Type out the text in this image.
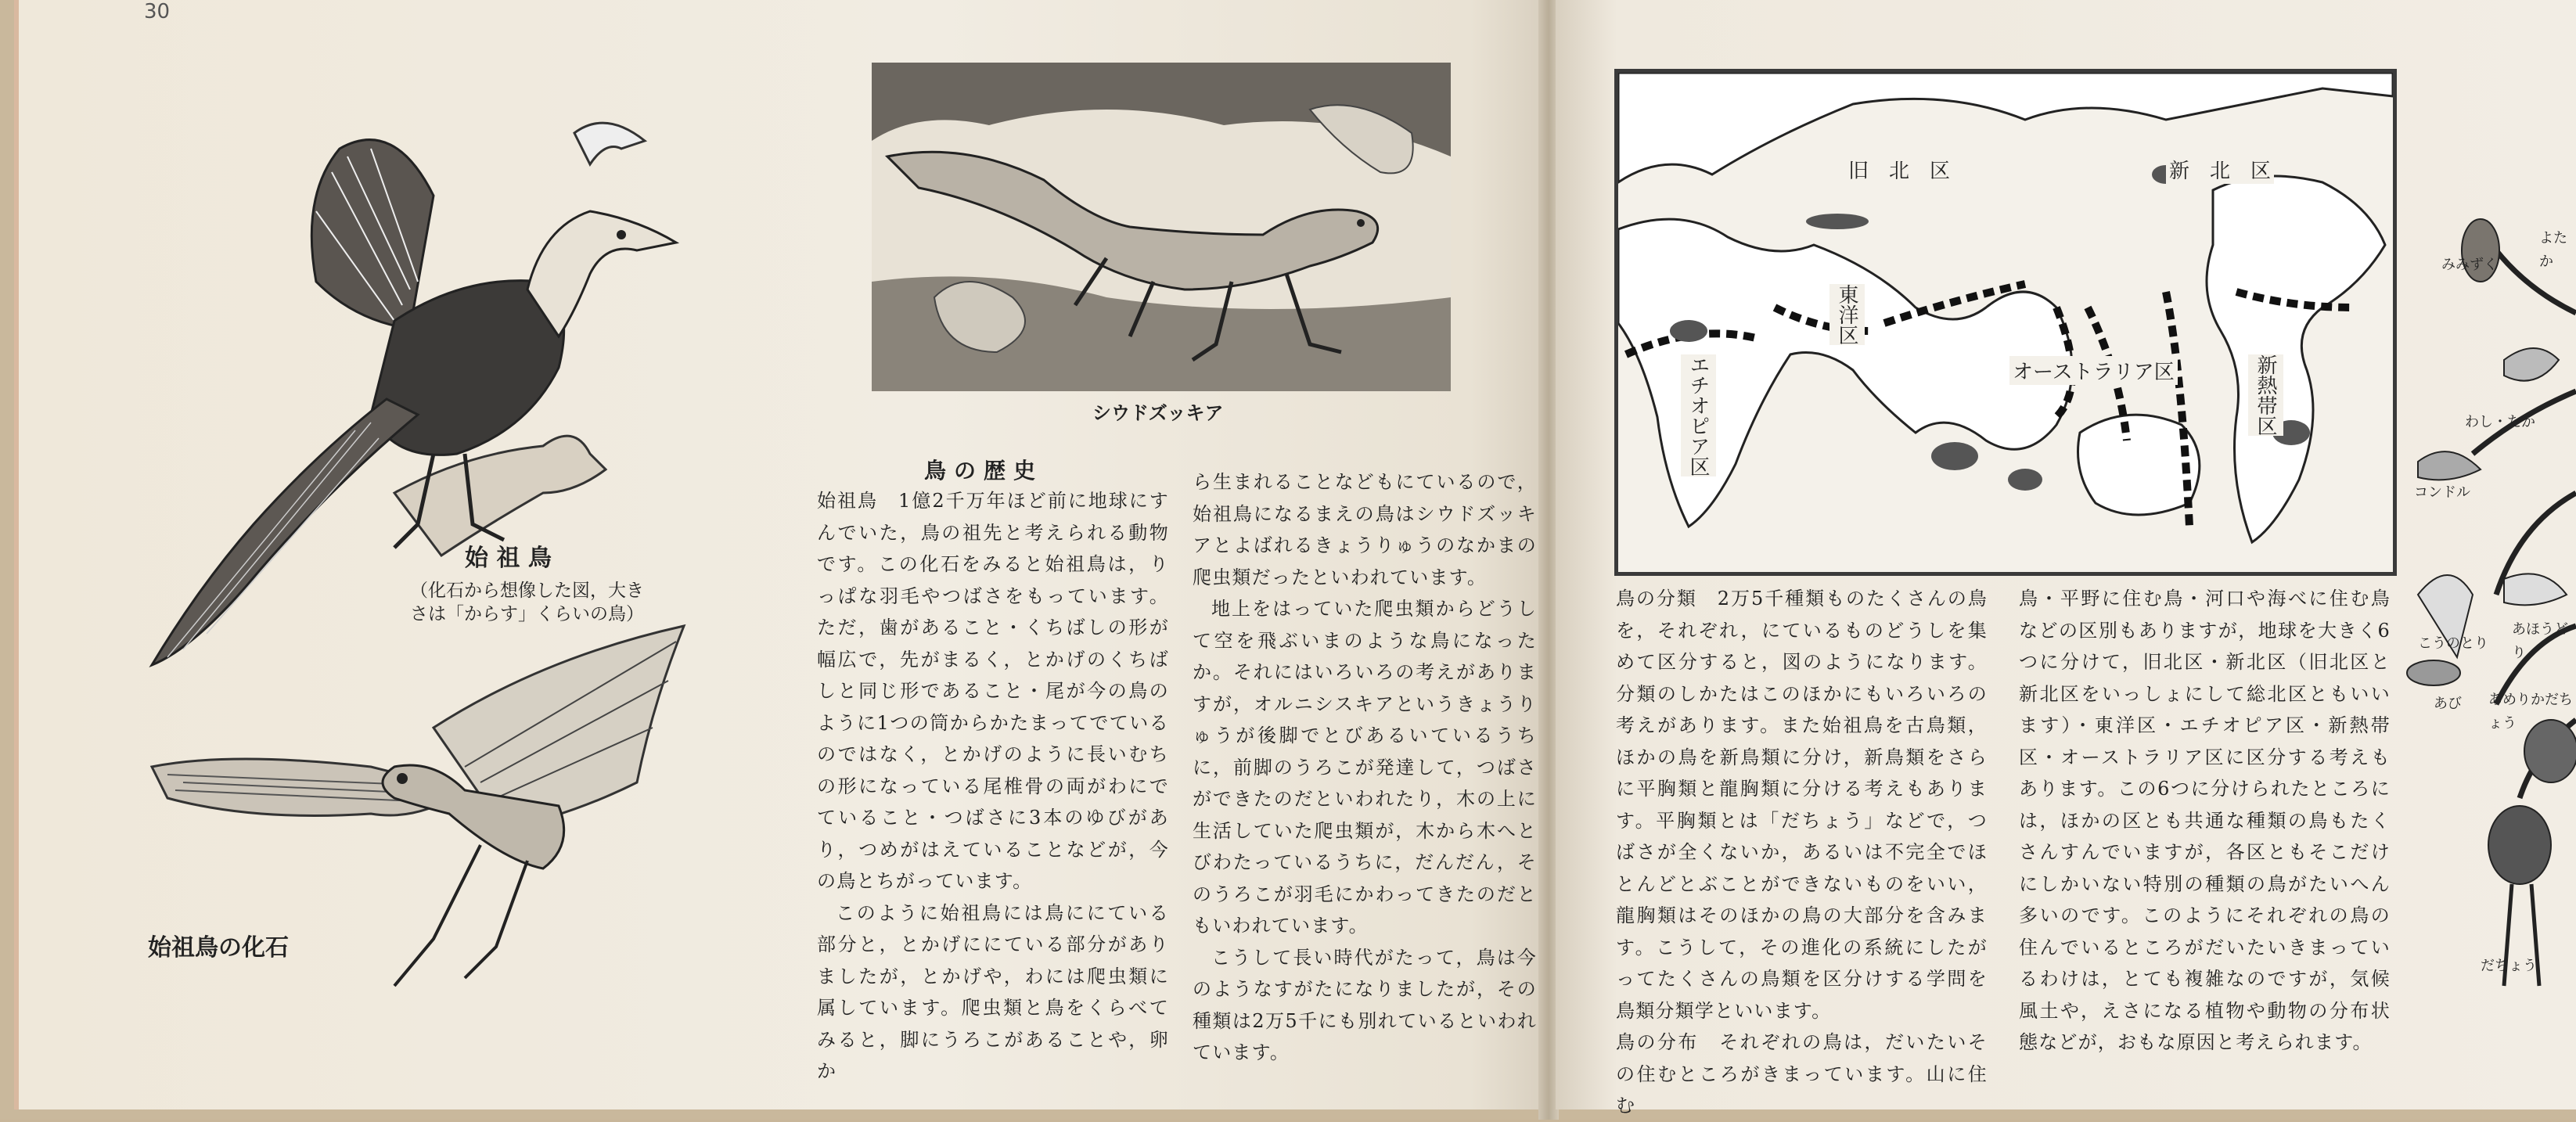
30
始 祖 鳥
（化石から想像した図，大き さは「からす」くらいの鳥）
始祖鳥の化石
シウドズッキア
鳥の歴史

始祖鳥　1億2千万年ほど前に地球にすんでいた，鳥の祖先と考えられる動物です。この化石をみると始祖鳥は，りっぱな羽毛やつばさをもっています。ただ，歯があること・くちばしの形が幅広で，先がまるく，とかげのくちばしと同じ形であること・尾が今の鳥のように1つの筒からかたまってでているのではなく，とかげのように長いむちの形になっている尾椎骨の両がわにでていること・つばさに3本のゆびがあり，つめがはえていることなどが，今の鳥とちがっています。

このように始祖鳥には鳥ににている部分と，とかげににている部分がありましたが，とかげや，わには爬虫類に属しています。爬虫類と鳥をくらべてみると，脚にうろこがあることや，卵か

ら生まれることなどもにているので，始祖鳥になるまえの鳥はシウドズッキアとよばれるきょうりゅうのなかまの爬虫類だったといわれています。

地上をはっていた爬虫類からどうして空を飛ぶいまのような鳥になったか。それにはいろいろの考えがありますが，オルニシスキアというきょうりゅうが後脚でとびあるいているうちに，前脚のうろこが発達して，つばさができたのだといわれたり，木の上に生活していた爬虫類が，木から木へとびわたっているうちに，だんだん，そのうろこが羽毛にかわってきたのだともいわれています。

こうして長い時代がたって，鳥は今のようなすがたになりましたが，その種類は2万5千にも別れているといわれています。

旧　北　区	新　北　区
エチオピア区
東洋区
オーストラリア区	新熱帯区

鳥の分類　2万5千種類ものたくさんの鳥を，それぞれ，にているものどうしを集めて区分すると，図のようになります。分類のしかたはこのほかにもいろいろの考えがあります。また始祖鳥を古鳥類，ほかの鳥を新鳥類に分け，新鳥類をさらに平胸類と龍胸類に分ける考えもあります。平胸類とは「だちょう」などで，つばさが全くないか，あるいは不完全でほとんどとぶことができないものをいい，龍胸類はそのほかの鳥の大部分を含みます。こうして，その進化の系統にしたがってたくさんの鳥類を区分けする学問を鳥類分類学といいます。

鳥の分布　それぞれの鳥は，だいたいその住むところがきまっています。山に住む

鳥・平野に住む鳥・河口や海べに住む鳥などの区別もありますが，地球を大きく6つに分けて，旧北区・新北区（旧北区と新北区をいっしょにして総北区ともいいます）・東洋区・エチオピア区・新熱帯区・オーストラリア区に区分する考えもあります。この6つに分けられたところには，ほかの区とも共通な種類の鳥もたくさんすんでいますが，各区ともそこだけにしかいない特別の種類の鳥がたいへん多いのです。このようにそれぞれの鳥の住んでいるところがだいたいきまっているわけは，とても複雑なのですが，気候風土や，えさになる植物や動物の分布状態などが，おもな原因と考えられます。

みみずく
よたか
わし・たか
コンドル
こうのとり
あほうどり
あび あめりかだちょう
だちょう
